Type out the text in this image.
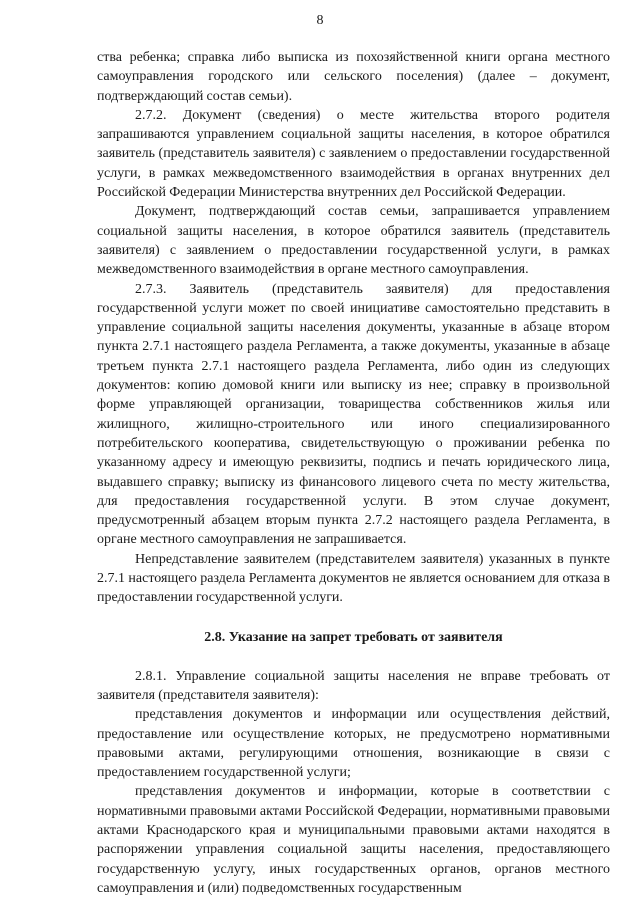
8

ства ребенка; справка либо выписка из похозяйственной книги органа местного самоуправления городского или сельского поселения) (далее – документ, подтверждающий состав семьи).

2.7.2. Документ (сведения) о месте жительства второго родителя запрашиваются управлением социальной защиты населения, в которое обратился заявитель (представитель заявителя) с заявлением о предоставлении государственной услуги, в рамках межведомственного взаимодействия в органах внутренних дел Российской Федерации Министерства внутренних дел Российской Федерации.

Документ, подтверждающий состав семьи, запрашивается управлением социальной защиты населения, в которое обратился заявитель (представитель заявителя) с заявлением о предоставлении государственной услуги, в рамках межведомственного взаимодействия в органе местного самоуправления.

2.7.3. Заявитель (представитель заявителя) для предоставления государственной услуги может по своей инициативе самостоятельно представить в управление социальной защиты населения документы, указанные в абзаце втором пункта 2.7.1 настоящего раздела Регламента, а также документы, указанные в абзаце третьем пункта 2.7.1 настоящего раздела Регламента, либо один из следующих документов: копию домовой книги или выписку из нее; справку в произвольной форме управляющей организации, товарищества собственников жилья или жилищного, жилищно-строительного или иного специализированного потребительского кооператива, свидетельствующую о проживании ребенка по указанному адресу и имеющую реквизиты, подпись и печать юридического лица, выдавшего справку; выписку из финансового лицевого счета по месту жительства, для предоставления государственной услуги. В этом случае документ, предусмотренный абзацем вторым пункта 2.7.2 настоящего раздела Регламента, в органе местного самоуправления не запрашивается.

Непредставление заявителем (представителем заявителя) указанных в пункте 2.7.1 настоящего раздела Регламента документов не является основанием для отказа в предоставлении государственной услуги.

2.8. Указание на запрет требовать от заявителя

2.8.1. Управление социальной защиты населения не вправе требовать от заявителя (представителя заявителя):

представления документов и информации или осуществления действий, предоставление или осуществление которых, не предусмотрено нормативными правовыми актами, регулирующими отношения, возникающие в связи с предоставлением государственной услуги;

представления документов и информации, которые в соответствии с нормативными правовыми актами Российской Федерации, нормативными правовыми актами Краснодарского края и муниципальными правовыми актами находятся в распоряжении управления социальной защиты населения, предоставляющего государственную услугу, иных государственных органов, органов местного самоуправления и (или) подведомственных государственным
